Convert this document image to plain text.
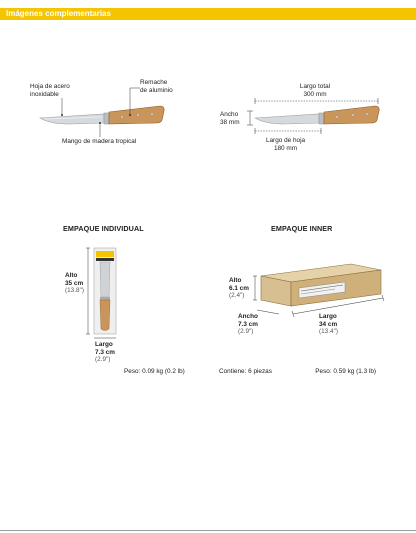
Imágenes complementarias
Hoja de acero
inoxidable
Remache
de aluminio
Mango de madera tropical
Largo total
300 mm
Ancho
38 mm
Largo de hoja
180 mm
EMPAQUE INDIVIDUAL
Alto
35 cm
(13.8")
Largo
7.3 cm
(2.9")
Peso: 0.09 kg (0.2 lb)
EMPAQUE INNER
Alto
6.1 cm
(2.4")
Ancho
7.3 cm
(2.9")
Largo
34 cm
(13.4")
Contiene: 6 piezas	Peso: 0.59 kg (1.3 lb)
